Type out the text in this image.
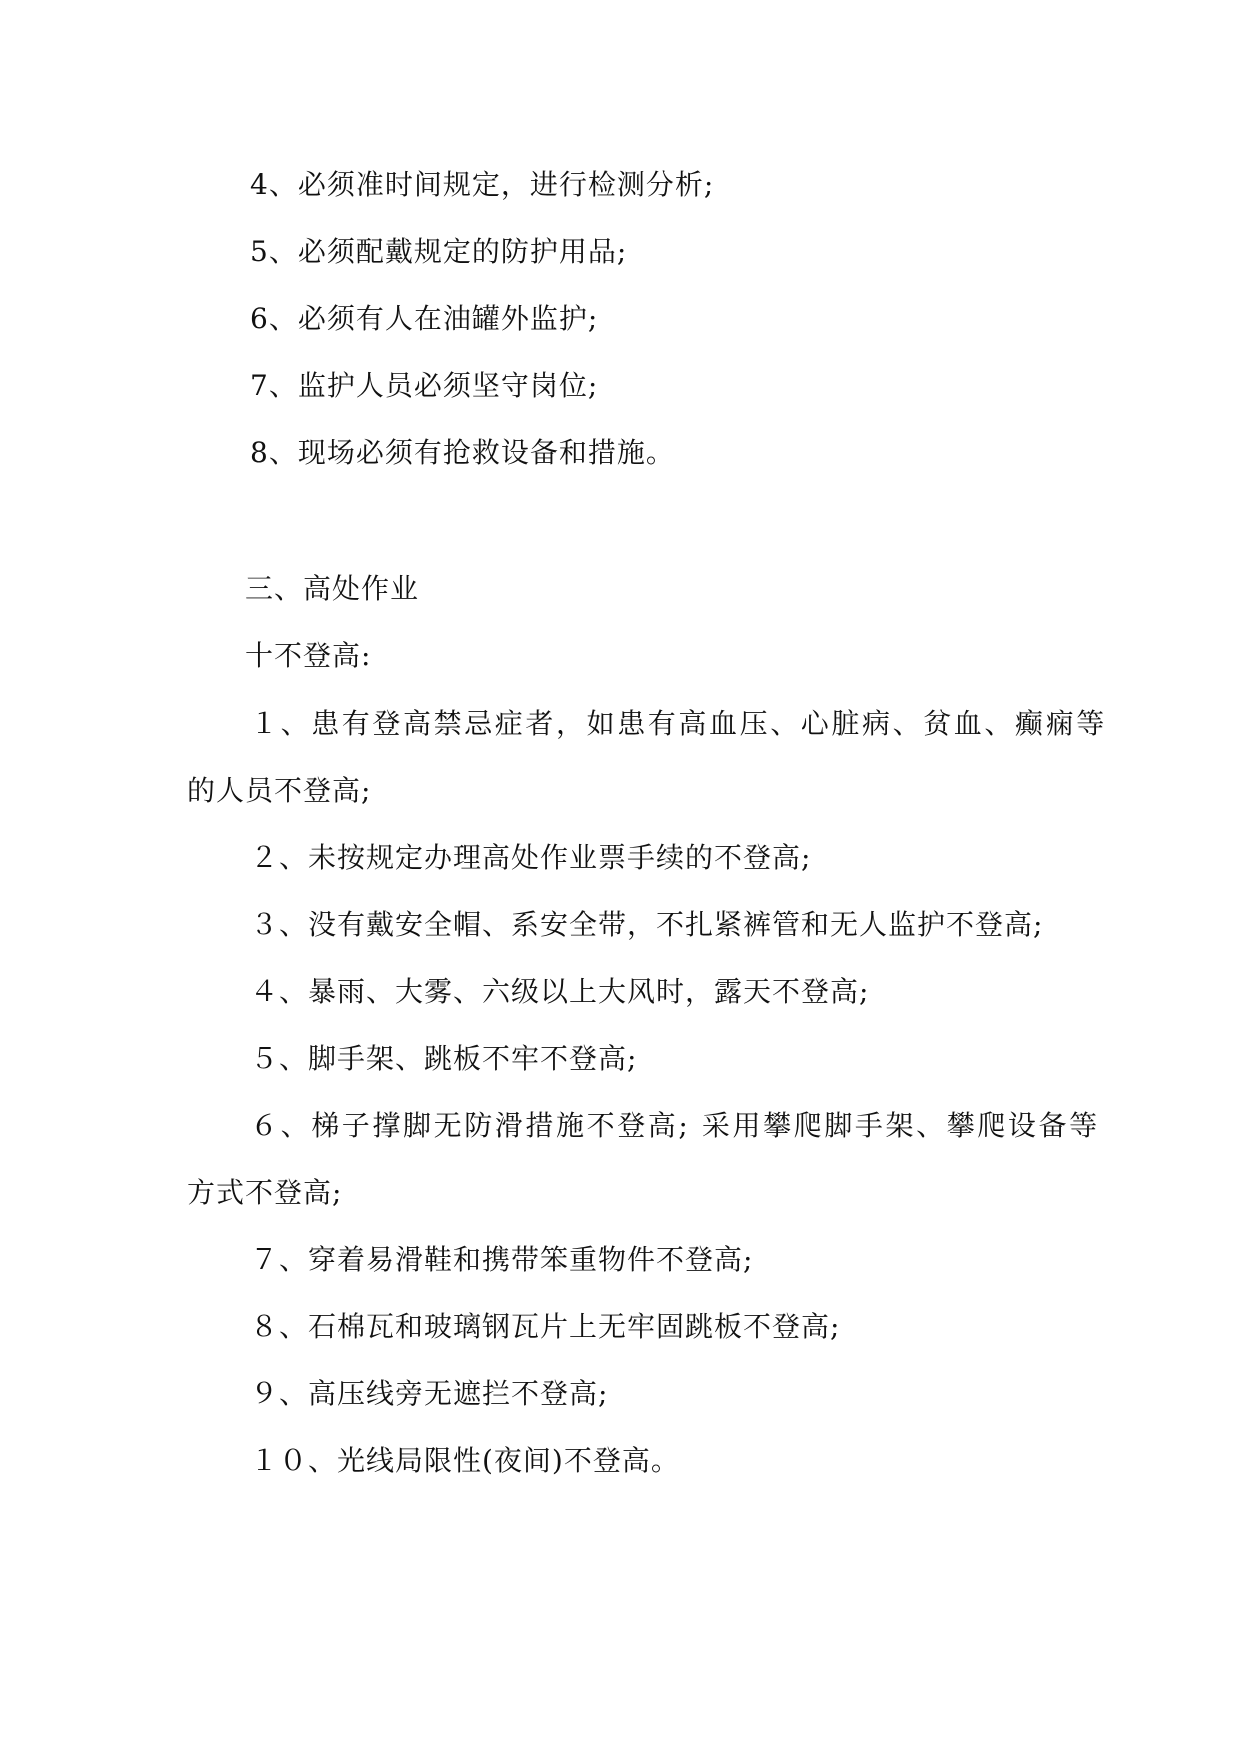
4、必须准时间规定，进行检测分析;
5、必须配戴规定的防护用品;
6、必须有人在油罐外监护;
7、监护人员必须坚守岗位;
8、现场必须有抢救设备和措施。
三、高处作业
十不登高:
１、患有登高禁忌症者，如患有高血压、心脏病、贫血、癫痫等
的人员不登高;
２、未按规定办理高处作业票手续的不登高;
３、没有戴安全帽、系安全带，不扎紧裤管和无人监护不登高;
４、暴雨、大雾、六级以上大风时，露天不登高;
５、脚手架、跳板不牢不登高;
６、梯子撑脚无防滑措施不登高; 采用攀爬脚手架、攀爬设备等
方式不登高;
７、穿着易滑鞋和携带笨重物件不登高;
８、石棉瓦和玻璃钢瓦片上无牢固跳板不登高;
９、高压线旁无遮拦不登高;
１０、光线局限性(夜间)不登高。
